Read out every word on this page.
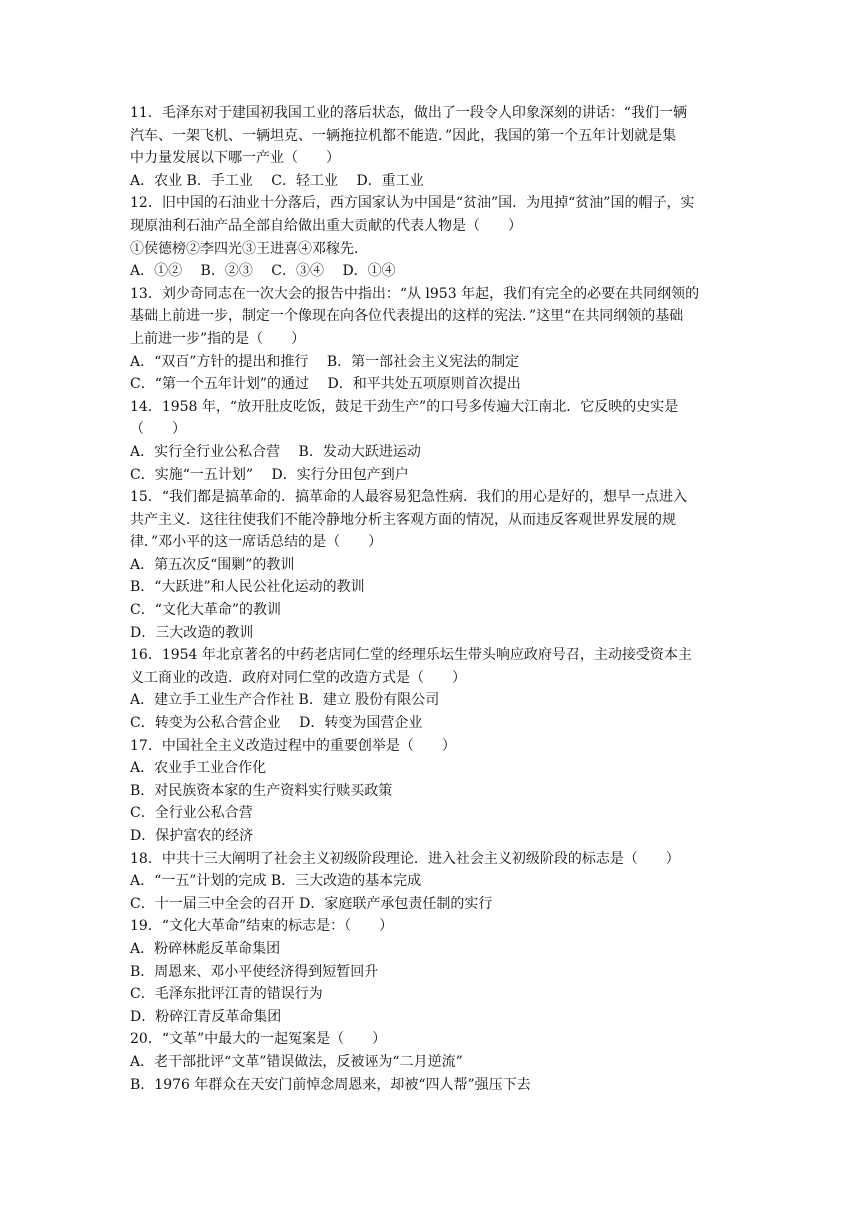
11．毛泽东对于建国初我国工业的落后状态，做出了一段令人印象深刻的讲话：“我们一辆
汽车、一架飞机、一辆坦克、一辆拖拉机都不能造．”因此，我国的第一个五年计划就是集
中力量发展以下哪一产业（　　）
A．农业 B．手工业　 C．轻工业　 D．重工业
12．旧中国的石油业十分落后，西方国家认为中国是“贫油”国．为甩掉“贫油”国的帽子，实
现原油利石油产品全部自给做出重大贡献的代表人物是（　　）
①侯德榜②李四光③王进喜④邓稼先．
A．①②　 B．②③　 C．③④　 D．①④
13．刘少奇同志在一次大会的报告中指出：“从 l953 年起，我们有完全的必要在共同纲领的
基础上前进一步，制定一个像现在向各位代表提出的这样的宪法．”这里“在共同纲领的基础
上前进一步”指的是（　　）
A．“双百”方针的提出和推行　 B．第一部社会主义宪法的制定
C．“第一个五年计划”的通过　 D．和平共处五项原则首次提出
14．1958 年，“放开肚皮吃饭，鼓足干劲生产”的口号多传遍大江南北．它反映的史实是
（　　）
A．实行全行业公私合营　 B．发动大跃进运动
C．实施“一五计划”　 D．实行分田包产到户
15．“我们都是搞革命的．搞革命的人最容易犯急性病．我们的用心是好的，想早一点进入
共产主义．这往往使我们不能冷静地分析主客观方面的情况，从而违反客观世界发展的规
律．”邓小平的这一席话总结的是（　　）
A．第五次反“围剿”的教训
B．“大跃进”和人民公社化运动的教训
C．“文化大革命”的教训
D．三大改造的教训
16．1954 年北京著名的中药老店同仁堂的经理乐坛生带头响应政府号召，主动接受资本主
义工商业的改造．政府对同仁堂的改造方式是（　　）
A．建立手工业生产合作社 B．建立 股份有限公司
C．转变为公私合营企业　 D．转变为国营企业
17．中国社全主义改造过程中的重要创举是（　　）
A．农业手工业合作化
B．对民族资本家的生产资料实行赎买政策
C．全行业公私合营
D．保护富农的经济
18．中共十三大阐明了社会主义初级阶段理论．进入社会主义初级阶段的标志是（　　）
A．“一五”计划的完成 B．三大改造的基本完成
C．十一届三中全会的召开 D．家庭联产承包责任制的实行
19．“文化大革命”结束的标志是：（　　）
A．粉碎林彪反革命集团
B．周恩来、邓小平使经济得到短暂回升
C．毛泽东批评江青的错误行为
D．粉碎江青反革命集团
20．“文革”中最大的一起冤案是（　　）
A．老干部批评“文革”错误做法，反被诬为“二月逆流”
B．1976 年群众在天安门前悼念周恩来，却被“四人帮”强压下去
